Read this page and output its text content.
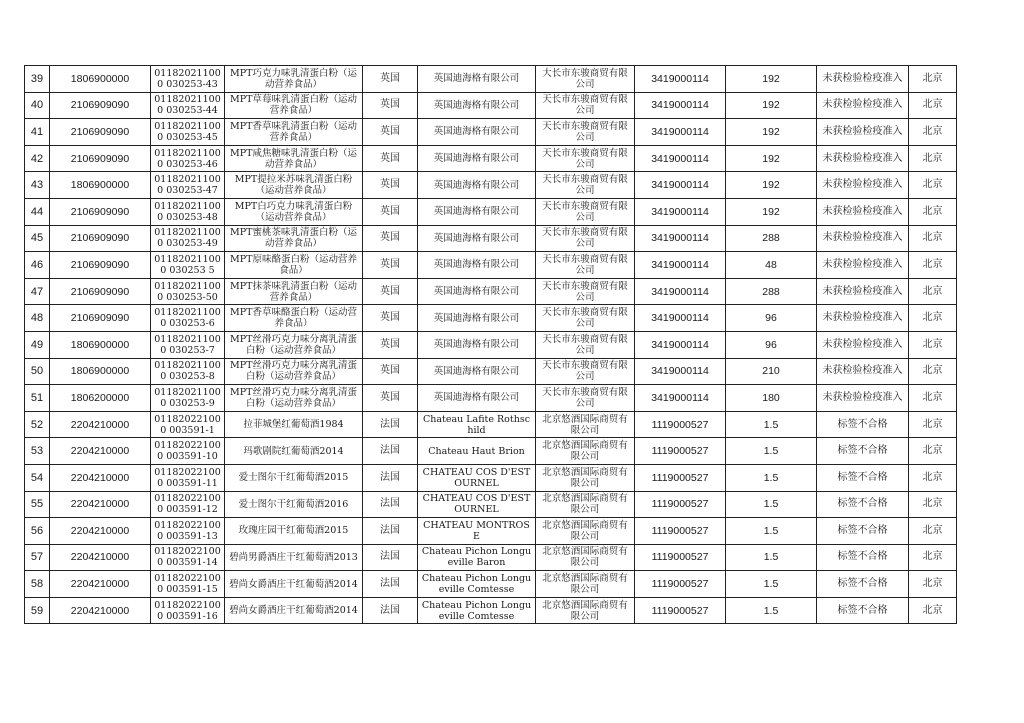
39	1806900000	011820211000 030253-43	MPT巧克力味乳清蛋白粉（运动营养食品）	英国	英国迪海格有限公司	大长市东骏商贸有限公司	3419000114	192	未获检验检疫准入	北京
40	2106909090	011820211000 030253-44	MPT草莓味乳清蛋白粉（运动营养食品）	英国	英国迪海格有限公司	天长市东骏商贸有限公司	3419000114	192	未获检验检疫准入	北京
41	2106909090	011820211000 030253-45	MPT香草味乳清蛋白粉（运动营养食品）	英国	英国迪海格有限公司	天长市东骏商贸有限公司	3419000114	192	未获检验检疫准入	北京
42	2106909090	011820211000 030253-46	MPT咸焦糖味乳清蛋白粉（运动营养食品）	英国	英国迪海格有限公司	天长市东骏商贸有限公司	3419000114	192	未获检验检疫准入	北京
43	1806900000	011820211000 030253-47	MPT提拉米苏味乳清蛋白粉（运动营养食品）	英国	英国迪海格有限公司	天长市东骏商贸有限公司	3419000114	192	未获检验检疫准入	北京
44	2106909090	011820211000 030253-48	MPT白巧克力味乳清蛋白粉（运动营养食品）	英国	英国迪海格有限公司	天长市东骏商贸有限公司	3419000114	192	未获检验检疫准入	北京
45	2106909090	011820211000 030253-49	MPT蜜桃茶味乳清蛋白粉（运动营养食品）	英国	英国迪海格有限公司	天长市东骏商贸有限公司	3419000114	288	未获检验检疫准入	北京
46	2106909090	011820211000 030253 5	MPT原味酪蛋白粉（运动营养食品）	英国	英国迪海格有限公司	天长市东骏商贸有限公司	3419000114	48	未获检验检疫准入	北京
47	2106909090	011820211000 030253-50	MPT抹茶味乳清蛋白粉（运动营养食品）	英国	英国迪海格有限公司	天长市东骏商贸有限公司	3419000114	288	未获检验检疫准入	北京
48	2106909090	011820211000 030253-6	MPT香草味酪蛋白粉（运动营养食品）	英国	英国迪海格有限公司	天长市东骏商贸有限公司	3419000114	96	未获检验检疫准入	北京
49	1806900000	011820211000 030253-7	MPT丝滑巧克力味分离乳清蛋白粉（运动营养食品）	英国	英国迪海格有限公司	天长市东骏商贸有限公司	3419000114	96	未获检验检疫准入	北京
50	1806900000	011820211000 030253-8	MPT丝滑巧克力味分离乳清蛋白粉（运动营养食品）	英国	英国迪海格有限公司	天长市东骏商贸有限公司	3419000114	210	未获检验检疫准入	北京
51	1806200000	011820211000 030253-9	MPT丝滑巧克力味分离乳清蛋白粉（运动营养食品）	英国	英国迪海格有限公司	天长市东骏商贸有限公司	3419000114	180	未获检验检疫准入	北京
52	2204210000	011820221000 003591-1	拉菲城堡红葡萄酒1984	法国	Chateau Lafite Rothschild	北京悠酒国际商贸有限公司	1119000527	1.5	标签不合格	北京
53	2204210000	011820221000 003591-10	玛歌剧院红葡萄酒2014	法国	Chateau Haut Brion	北京悠酒国际商贸有限公司	1119000527	1.5	标签不合格	北京
54	2204210000	011820221000 003591-11	爱士图尔干红葡萄酒2015	法国	CHATEAU COS D'ESTOURNEL	北京悠酒国际商贸有限公司	1119000527	1.5	标签不合格	北京
55	2204210000	011820221000 003591-12	爱士图尔干红葡萄酒2016	法国	CHATEAU COS D'ESTOURNEL	北京悠酒国际商贸有限公司	1119000527	1.5	标签不合格	北京
56	2204210000	011820221000 003591-13	玫瑰庄园干红葡萄酒2015	法国	CHATEAU MONTROSE	北京悠酒国际商贸有限公司	1119000527	1.5	标签不合格	北京
57	2204210000	011820221000 003591-14	碧尚男爵酒庄干红葡萄酒2013	法国	Chateau Pichon Longueville Baron	北京悠酒国际商贸有限公司	1119000527	1.5	标签不合格	北京
58	2204210000	011820221000 003591-15	碧尚女爵酒庄干红葡萄酒2014	法国	Chateau Pichon Longueville Comtesse	北京悠酒国际商贸有限公司	1119000527	1.5	标签不合格	北京
59	2204210000	011820221000 003591-16	碧尚女爵酒庄干红葡萄酒2014	法国	Chateau Pichon Longueville Comtesse	北京悠酒国际商贸有限公司	1119000527	1.5	标签不合格	北京
